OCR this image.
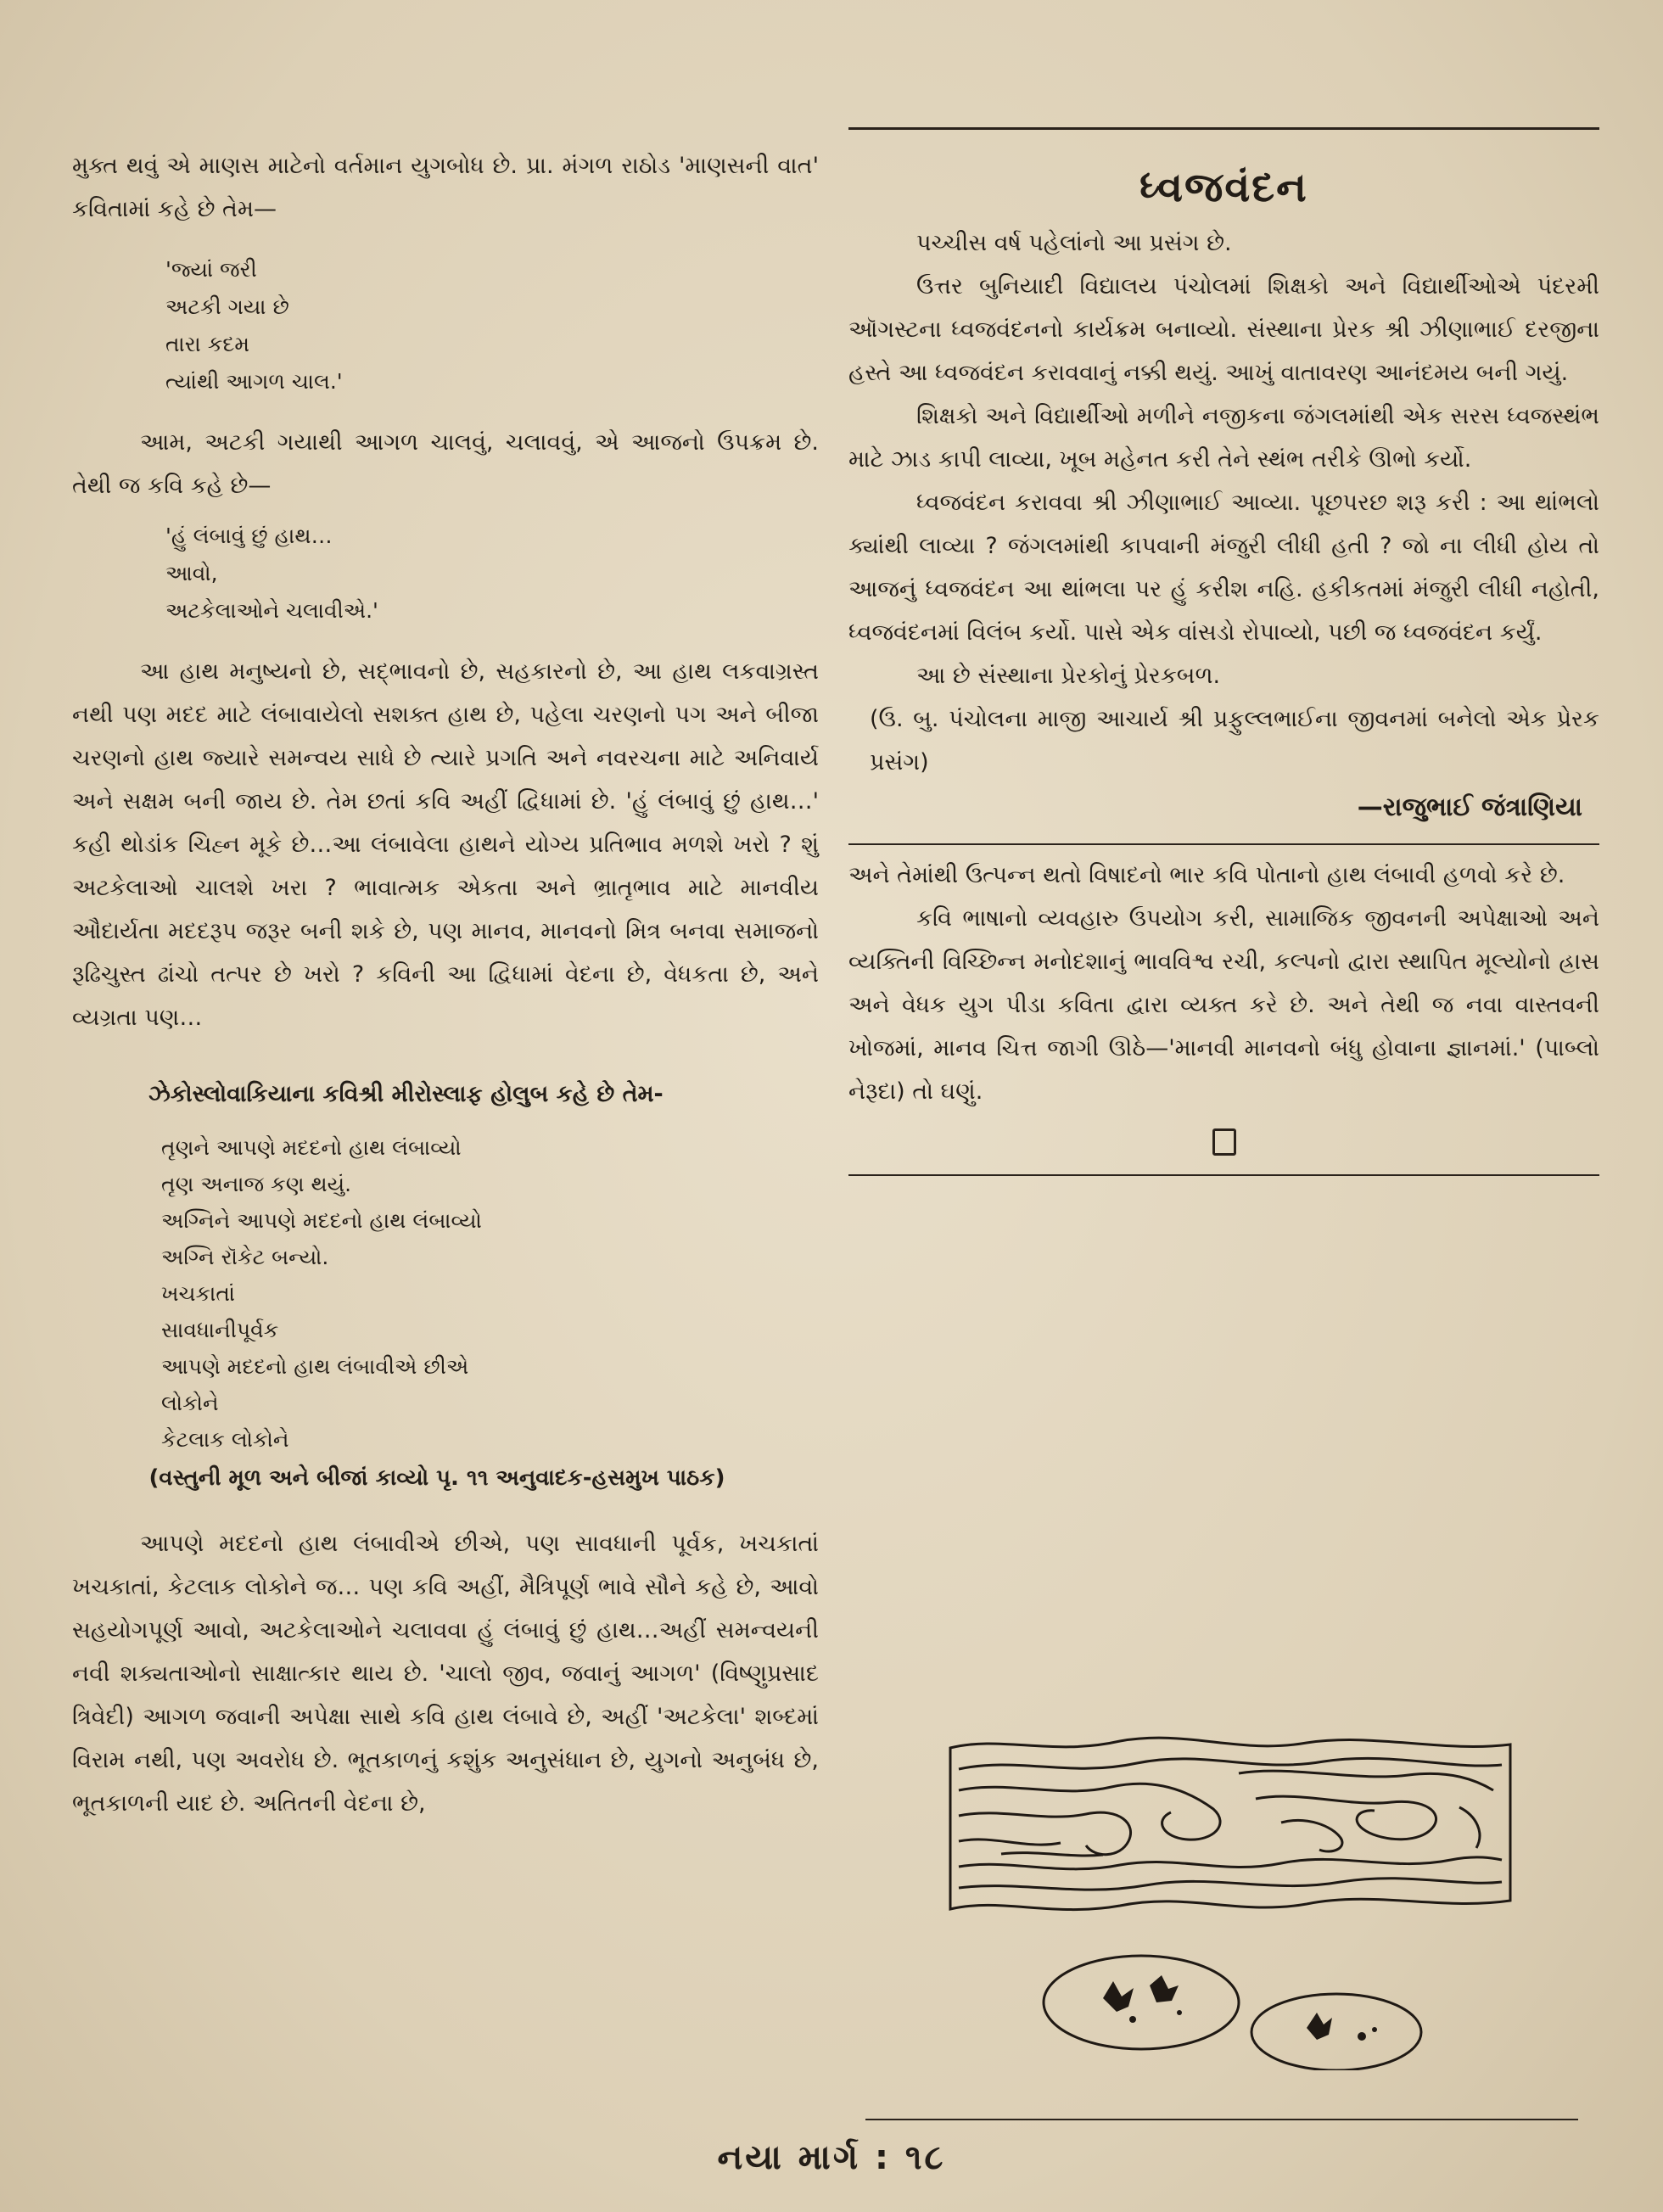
મુક્ત થવું એ માણસ માટેનો વર્તમાન યુગબોધ છે. પ્રા. મંગળ રાઠોડ 'માણસની વાત' કવિતામાં કહે છે તેમ—

'જ્યાં જરી
અટકી ગયા છે
તારા કદમ
ત્યાંથી આગળ ચાલ.'

આમ, અટકી ગયાથી આગળ ચાલવું, ચલાવવું, એ આજનો ઉપક્રમ છે. તેથી જ કવિ કહે છે—

'હું લંબાવું છું હાથ…
આવો,
અટકેલાઓને ચલાવીએ.'

આ હાથ મનુષ્યનો છે, સદ્ભાવનો છે, સહકારનો છે, આ હાથ લકવાગ્રસ્ત નથી પણ મદદ માટે લંબાવાયેલો સશક્ત હાથ છે, પહેલા ચરણનો પગ અને બીજા ચરણનો હાથ જ્યારે સમન્વય સાધે છે ત્યારે પ્રગતિ અને નવરચના માટે અનિવાર્ય અને સક્ષમ બની જાય છે. તેમ છતાં કવિ અહીં દ્વિધામાં છે. 'હું લંબાવું છું હાથ…' કહી થોડાંક ચિહ્ન મૂકે છે…આ લંબાવેલા હાથને યોગ્ય પ્રતિભાવ મળશે ખરો ? શું અટકેલાઓ ચાલશે ખરા ? ભાવાત્મક એકતા અને ભ્રાતૃભાવ માટે માનવીય ઔદાર્યતા મદદરૂપ જરૂર બની શકે છે, પણ માનવ, માનવનો મિત્ર બનવા સમાજનો રૂઢિચુસ્ત ઢાંચો તત્પર છે ખરો ? કવિની આ દ્વિધામાં વેદના છે, વેધકતા છે, અને વ્યગ્રતા પણ…

ઝેકોસ્લોવાકિયાના કવિશ્રી મીરોસ્લાફ હોલુબ કહે છે તેમ-
તૃણને આપણે મદદનો હાથ લંબાવ્યો
તૃણ અનાજ કણ થયું.
અગ્નિને આપણે મદદનો હાથ લંબાવ્યો
અગ્નિ રૉકેટ બન્યો.
ખચકાતાં
સાવધાનીપૂર્વક
આપણે મદદનો હાથ લંબાવીએ છીએ
લોકોને
કેટલાક લોકોને
(વસ્તુની મૂળ અને બીજાં કાવ્યો પૃ. ૧૧ અનુવાદક-હસમુખ પાઠક)

આપણે મદદનો હાથ લંબાવીએ છીએ, પણ સાવધાની પૂર્વક, ખચકાતાં ખચકાતાં, કેટલાક લોકોને જ… પણ કવિ અહીં, મૈત્રિપૂર્ણ ભાવે સૌને કહે છે, આવો સહયોગપૂર્ણ આવો, અટકેલાઓને ચલાવવા હું લંબાવું છું હાથ…અહીં સમન્વયની નવી શક્યતાઓનો સાક્ષાત્કાર થાય છે. 'ચાલો જીવ, જવાનું આગળ' (વિષ્ણુપ્રસાદ ત્રિવેદી) આગળ જવાની અપેક્ષા સાથે કવિ હાથ લંબાવે છે, અહીં 'અટકેલા' શબ્દમાં વિરામ નથી, પણ અવરોધ છે. ભૂતકાળનું કશુંક અનુસંધાન છે, યુગનો અનુબંધ છે, ભૂતકાળની યાદ છે. અતિતની વેદના છે,

ધ્વજવંદન

પચ્ચીસ વર્ષ પહેલાંનો આ પ્રસંગ છે.

ઉત્તર બુનિયાદી વિદ્યાલય પંચોલમાં શિક્ષકો અને વિદ્યાર્થીઓએ પંદરમી ઑગસ્ટના ધ્વજવંદનનો કાર્યક્રમ બનાવ્યો. સંસ્થાના પ્રેરક શ્રી ઝીણાભાઈ દરજીના હસ્તે આ ધ્વજવંદન કરાવવાનું નક્કી થયું. આખું વાતાવરણ આનંદમય બની ગયું.

શિક્ષકો અને વિદ્યાર્થીઓ મળીને નજીકના જંગલમાંથી એક સરસ ધ્વજસ્થંભ માટે ઝાડ કાપી લાવ્યા, ખૂબ મહેનત કરી તેને સ્થંભ તરીકે ઊભો કર્યો.

ધ્વજવંદન કરાવવા શ્રી ઝીણાભાઈ આવ્યા. પૂછપરછ શરૂ કરી : આ થાંભલો ક્યાંથી લાવ્યા ? જંગલમાંથી કાપવાની મંજુરી લીધી હતી ? જો ના લીધી હોય તો આજનું ધ્વજવંદન આ થાંભલા પર હું કરીશ નહિ. હકીકતમાં મંજુરી લીધી નહોતી, ધ્વજવંદનમાં વિલંબ કર્યો. પાસે એક વાંસડો રોપાવ્યો, પછી જ ધ્વજવંદન કર્યું.

આ છે સંસ્થાના પ્રેરકોનું પ્રેરકબળ.

(ઉ. બુ. પંચોલના માજી આચાર્ય શ્રી પ્રફુલ્લભાઈના જીવનમાં બનેલો એક પ્રેરક પ્રસંગ)

—રાજુભાઈ જંત્રાણિયા

અને તેમાંથી ઉત્પન્ન થતો વિષાદનો ભાર કવિ પોતાનો હાથ લંબાવી હળવો કરે છે.

કવિ ભાષાનો વ્યવહારુ ઉપયોગ કરી, સામાજિક જીવનની અપેક્ષાઓ અને વ્યક્તિની વિચ્છિન્ન મનોદશાનું ભાવવિશ્વ રચી, કલ્પનો દ્વારા સ્થાપિત મૂલ્યોનો હ્રાસ અને વેધક યુગ પીડા કવિતા દ્વારા વ્યક્ત કરે છે. અને તેથી જ નવા વાસ્તવની ખોજમાં, માનવ ચિત્ત જાગી ઊઠે—'માનવી માનવનો બંધુ હોવાના જ્ઞાનમાં.' (પાબ્લો નેરૂદા) તો ઘણું.

નયા માર્ગ : ૧૮
